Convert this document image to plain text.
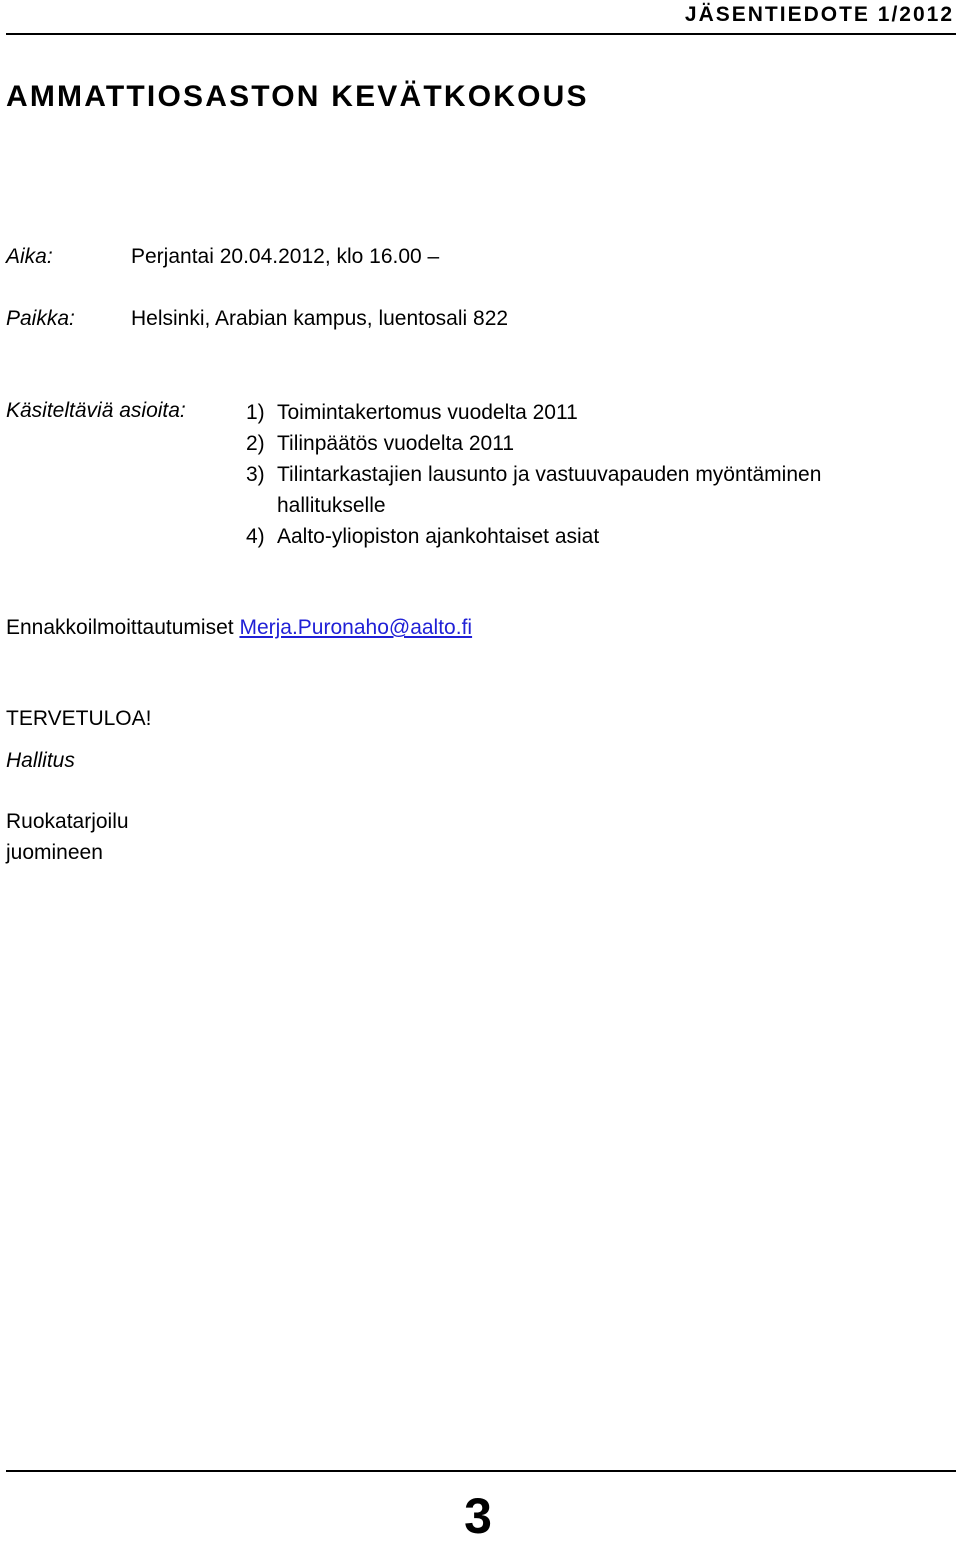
JÄSENTIEDOTE 1/2012
AMMATTIOSASTON KEVÄTKOKOUS
Aika:	Perjantai 20.04.2012, klo 16.00 –
Paikka:	Helsinki, Arabian kampus, luentosali 822
Käsiteltäviä asioita:	1) Toimintakertomus vuodelta 2011
2) Tilinpäätös vuodelta 2011
3) Tilintarkastajien lausunto ja vastuuvapauden myöntäminen hallitukselle
4) Aalto-yliopiston ajankohtaiset asiat
Ennakkoilmoittautumiset Merja.Puronaho@aalto.fi
TERVETULOA!
Hallitus
Ruokatarjoilu
juomineen
3
